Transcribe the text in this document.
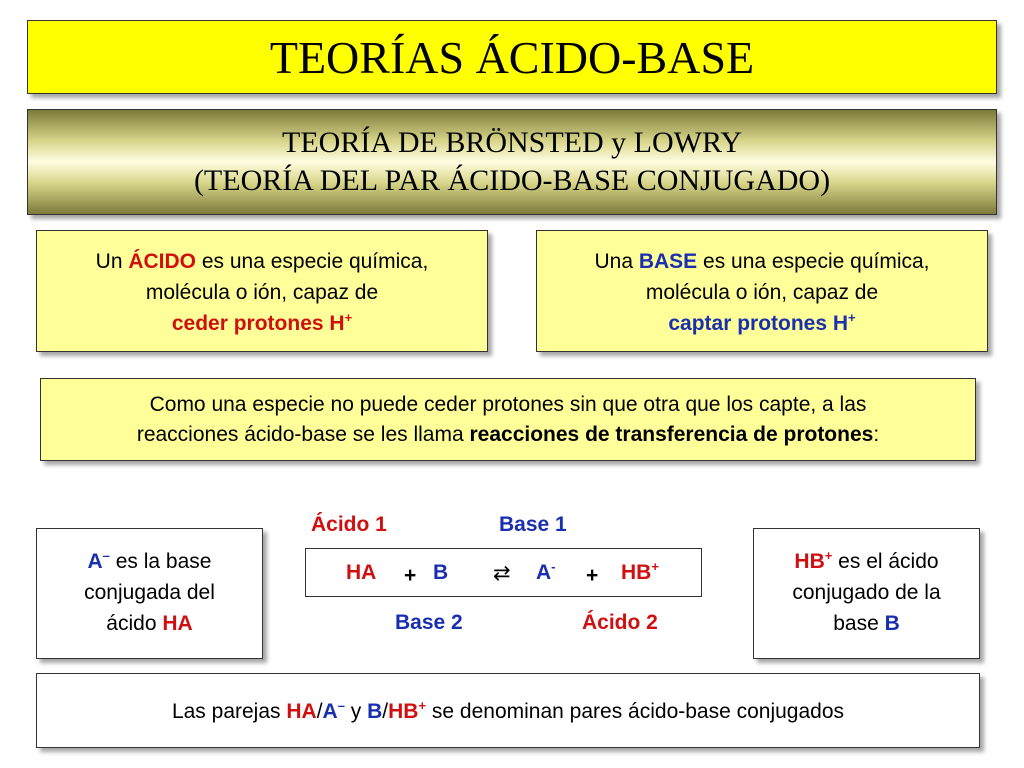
TEORÍAS ÁCIDO-BASE
TEORÍA DE BRÖNSTED y LOWRY
(TEORÍA DEL PAR ÁCIDO-BASE CONJUGADO)
Un ÁCIDO es una especie química,
molécula o ión, capaz de
ceder protones H+
Una BASE es una especie química,
molécula o ión, capaz de
captar protones H+
Como una especie no puede ceder protones sin que otra que los capte, a las
reacciones ácido-base se les llama reacciones de transferencia de protones:
Ácido 1	Base 1
Base 2	Ácido 2
HA + B ⇄ A- + HB+
A– es la base
conjugada del
ácido HA
HB+ es el ácido
conjugado de la
base B
Las parejas HA/A– y B/HB+ se denominan pares ácido-base conjugados
